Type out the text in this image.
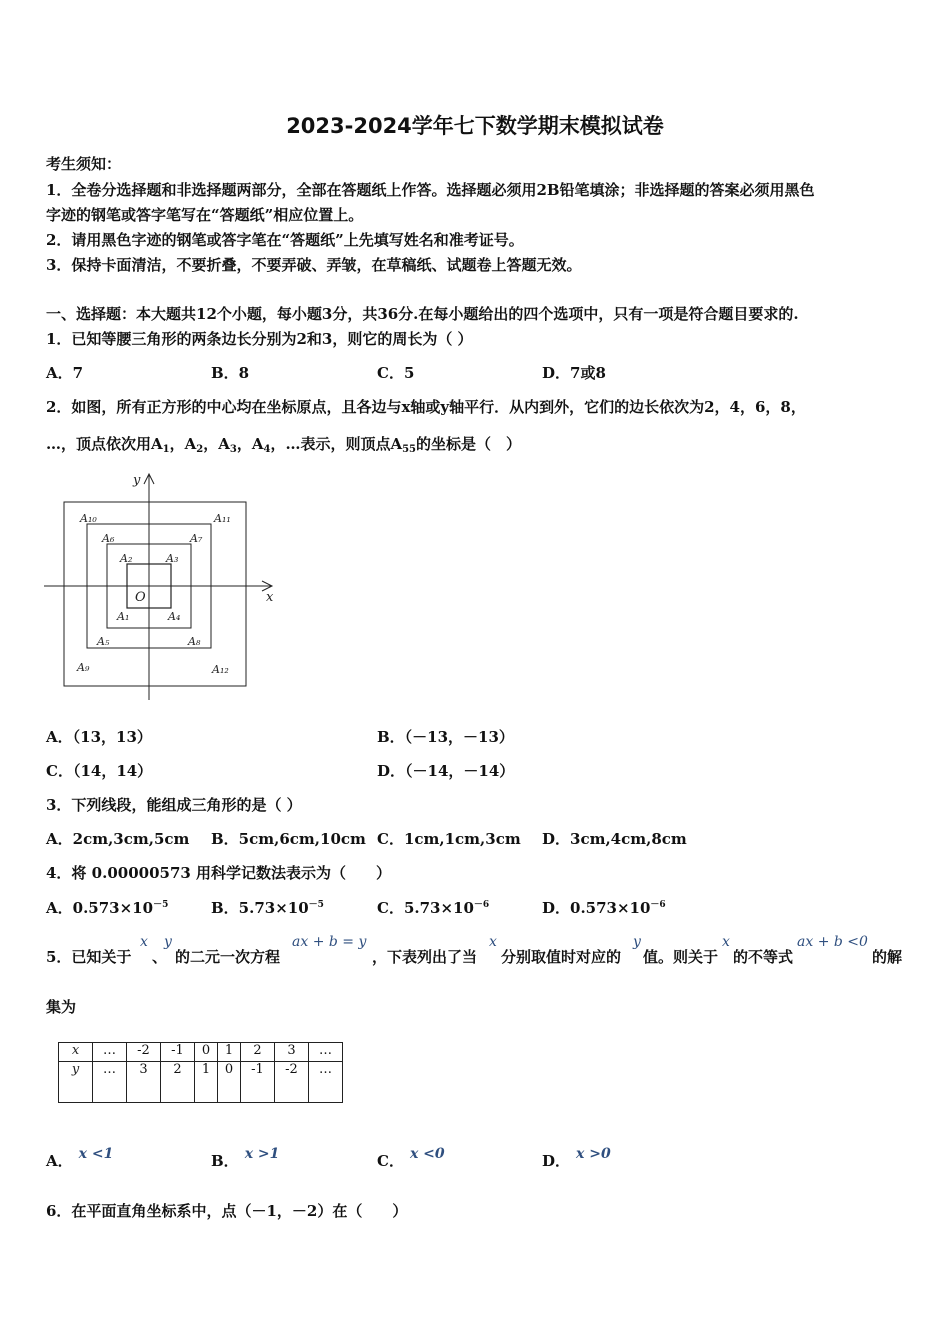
2023-2024学年七下数学期末模拟试卷
考生须知：
1．全卷分选择题和非选择题两部分，全部在答题纸上作答。选择题必须用2B铅笔填涂；非选择题的答案必须用黑色
字迹的钢笔或答字笔写在“答题纸”相应位置上。
2．请用黑色字迹的钢笔或答字笔在“答题纸”上先填写姓名和准考证号。
3．保持卡面清洁，不要折叠，不要弄破、弄皱，在草稿纸、试题卷上答题无效。
一、选择题：本大题共12个小题，每小题3分，共36分.在每小题给出的四个选项中，只有一项是符合题目要求的.
1．已知等腰三角形的两条边长分别为2和3，则它的周长为（ ）
A．7	B．8	C．5	D．7或8
2．如图，所有正方形的中心均在坐标原点，且各边与x轴或y轴平行．从内到外，它们的边长依次为2，4，6，8，
…，顶点依次用$A_1$，$A_2$，$A_3$，$A_4$，…表示，则顶点$A_{55}$的坐标是（　）
x
y
O
A₁₀	A₁₁
A₆	A₇
A₂	A₃
A₁	A₄
A₅	A₈
A₉	A₁₂
A．（13，13）	B．（－13，－13）
C．（14，14）	D．（－14，－14）
3．下列线段，能组成三角形的是（ ）
A．2cm,3cm,5cm B．5cm,6cm,10cm C．1cm,1cm,3cm D．3cm,4cm,8cm
4．将 0.00000573 用科学记数法表示为（　　）
A．$0.573\times 10^{-5}$	B．$5.73\times 10^{-5}$	C．$5.73\times 10^{-6}$	D．$0.573\times 10^{-6}$
5．已知关于
x
、
y
的二元一次方程
ax + b = y
，下表列出了当
x
分别取值时对应的
y
值。则关于
x
的不等式
ax + b <0
的解
集为
x	…	-2	-1	0	1	2	3	…
y	…	3	2	1	0	-1	-2	…
A． x <1	B． x >1	C． x <0	D． x >0
6．在平面直角坐标系中，点（－1，－2）在（　　）
